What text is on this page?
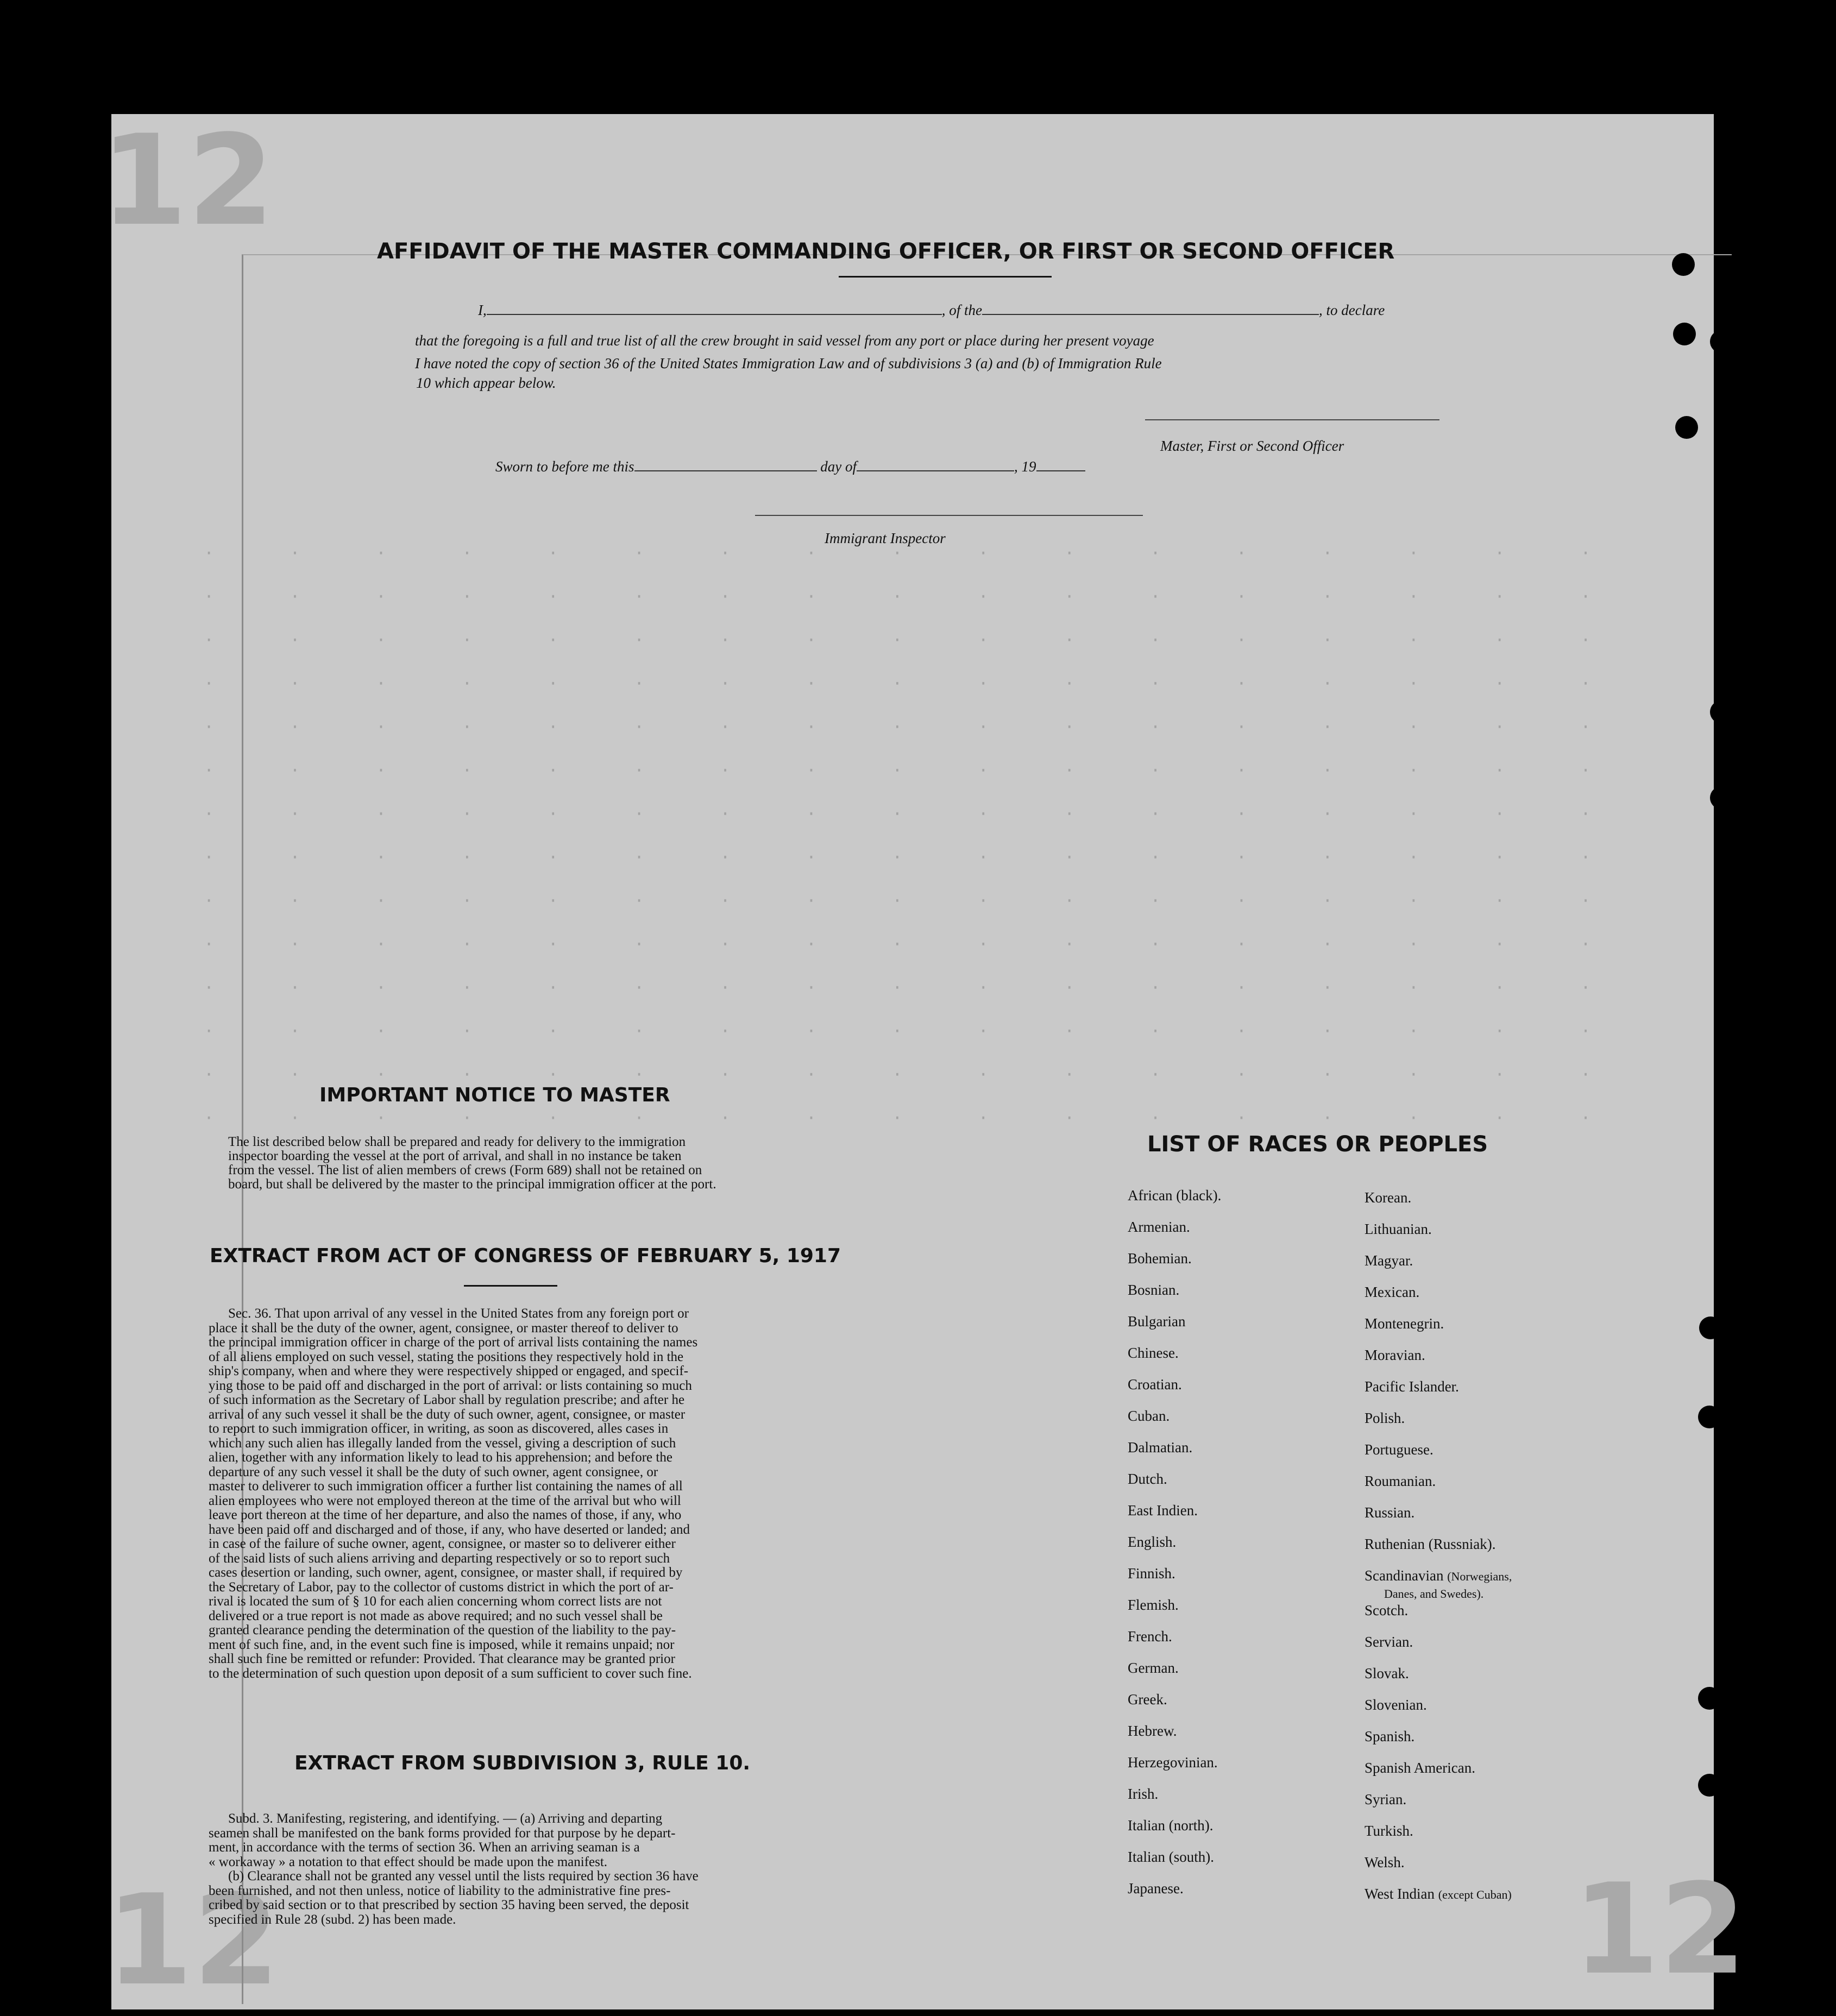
12
12	12
· · · · · · · · · · · · · · · · ·
· · · · · · · · · · · · · · · · ·
· · · · · · · · · · · · · · · · ·
· · · · · · · · · · · · · · · · ·
· · · · · · · · · · · · · · · · ·
· · · · · · · · · · · · · · · · ·
· · · · · · · · · · · · · · · · ·
· · · · · · · · · · · · · · · · ·
· · · · · · · · · · · · · · · · ·
· · · · · · · · · · · · · · · · ·
· · · · · · · · · · · · · · · · ·
· · · · · · · · · · · · · · · · ·
· · · · · · · · · · · · · · · · ·
· · · · · · · · · · · · · · · · ·
AFFIDAVIT OF THE MASTER COMMANDING OFFICER, OR FIRST OR SECOND OFFICER
I,	, of the	, to declare
that the foregoing is a full and true list of all the crew brought in said vessel from any port or place during her present voyage
I have noted the copy of section 36 of the United States Immigration Law and of subdivisions 3 (a) and (b) of Immigration Rule
10 which appear below.
Master, First or Second Officer
Sworn to before me this	day of	, 19
Immigrant Inspector
IMPORTANT NOTICE TO MASTER

The list described below shall be prepared and ready for delivery to the immigration

inspector boarding the vessel at the port of arrival, and shall in no instance be taken

from the vessel. The list of alien members of crews (Form 689) shall not be retained on

board, but shall be delivered by the master to the principal immigration officer at the port.

EXTRACT FROM ACT OF CONGRESS OF FEBRUARY 5, 1917

Sec. 36. That upon arrival of any vessel in the United States from any foreign port or

place it shall be the duty of the owner, agent, consignee, or master thereof to deliver to

the principal immigration officer in charge of the port of arrival lists containing the names

of all aliens employed on such vessel, stating the positions they respectively hold in the

ship's company, when and where they were respectively shipped or engaged, and specif-

ying those to be paid off and discharged in the port of arrival: or lists containing so much

of such information as the Secretary of Labor shall by regulation prescribe; and after he

arrival of any such vessel it shall be the duty of such owner, agent, consignee, or master

to report to such immigration officer, in writing, as soon as discovered, alles cases in

which any such alien has illegally landed from the vessel, giving a description of such

alien, together with any information likely to lead to his apprehension; and before the

departure of any such vessel it shall be the duty of such owner, agent consignee, or

master to deliverer to such immigration officer a further list containing the names of all

alien employees who were not employed thereon at the time of the arrival but who will

leave port thereon at the time of her departure, and also the names of those, if any, who

have been paid off and discharged and of those, if any, who have deserted or landed; and

in case of the failure of suche owner, agent, consignee, or master so to deliverer either

of the said lists of such aliens arriving and departing respectively or so to report such

cases desertion or landing, such owner, agent, consignee, or master shall, if required by

the Secretary of Labor, pay to the collector of customs district in which the port of ar-

rival is located the sum of § 10 for each alien concerning whom correct lists are not

delivered or a true report is not made as above required; and no such vessel shall be

granted clearance pending the determination of the question of the liability to the pay-

ment of such fine, and, in the event such fine is imposed, while it remains unpaid; nor

shall such fine be remitted or refunder: Provided. That clearance may be granted prior

to the determination of such question upon deposit of a sum sufficient to cover such fine.

EXTRACT FROM SUBDIVISION 3, RULE 10.

Subd. 3. Manifesting, registering, and identifying. — (a) Arriving and departing

seamen shall be manifested on the bank forms provided for that purpose by he depart-

ment, in accordance with the terms of section 36. When an arriving seaman is a

« workaway » a notation to that effect should be made upon the manifest.

(b) Clearance shall not be granted any vessel until the lists required by section 36 have

been furnished, and not then unless, notice of liability to the administrative fine pres-

cribed by said section or to that prescribed by section 35 having been served, the deposit

specified in Rule 28 (subd. 2) has been made.

LIST OF RACES OR PEOPLES
African (black).
Armenian.
Bohemian.
Bosnian.
Bulgarian
Chinese.
Croatian.
Cuban.
Dalmatian.
Dutch.
East Indien.
English.
Finnish.
Flemish.
French.
German.
Greek.
Hebrew.
Herzegovinian.
Irish.
Italian (north).
Italian (south).
Japanese.
Korean.
Lithuanian.
Magyar.
Mexican.
Montenegrin.
Moravian.
Pacific Islander.
Polish.
Portuguese.
Roumanian.
Russian.
Ruthenian (Russniak).
Scandinavian (Norwegians,
Danes, and Swedes).
Scotch.
Servian.
Slovak.
Slovenian.
Spanish.
Spanish American.
Syrian.
Turkish.
Welsh.
West Indian (except Cuban)
